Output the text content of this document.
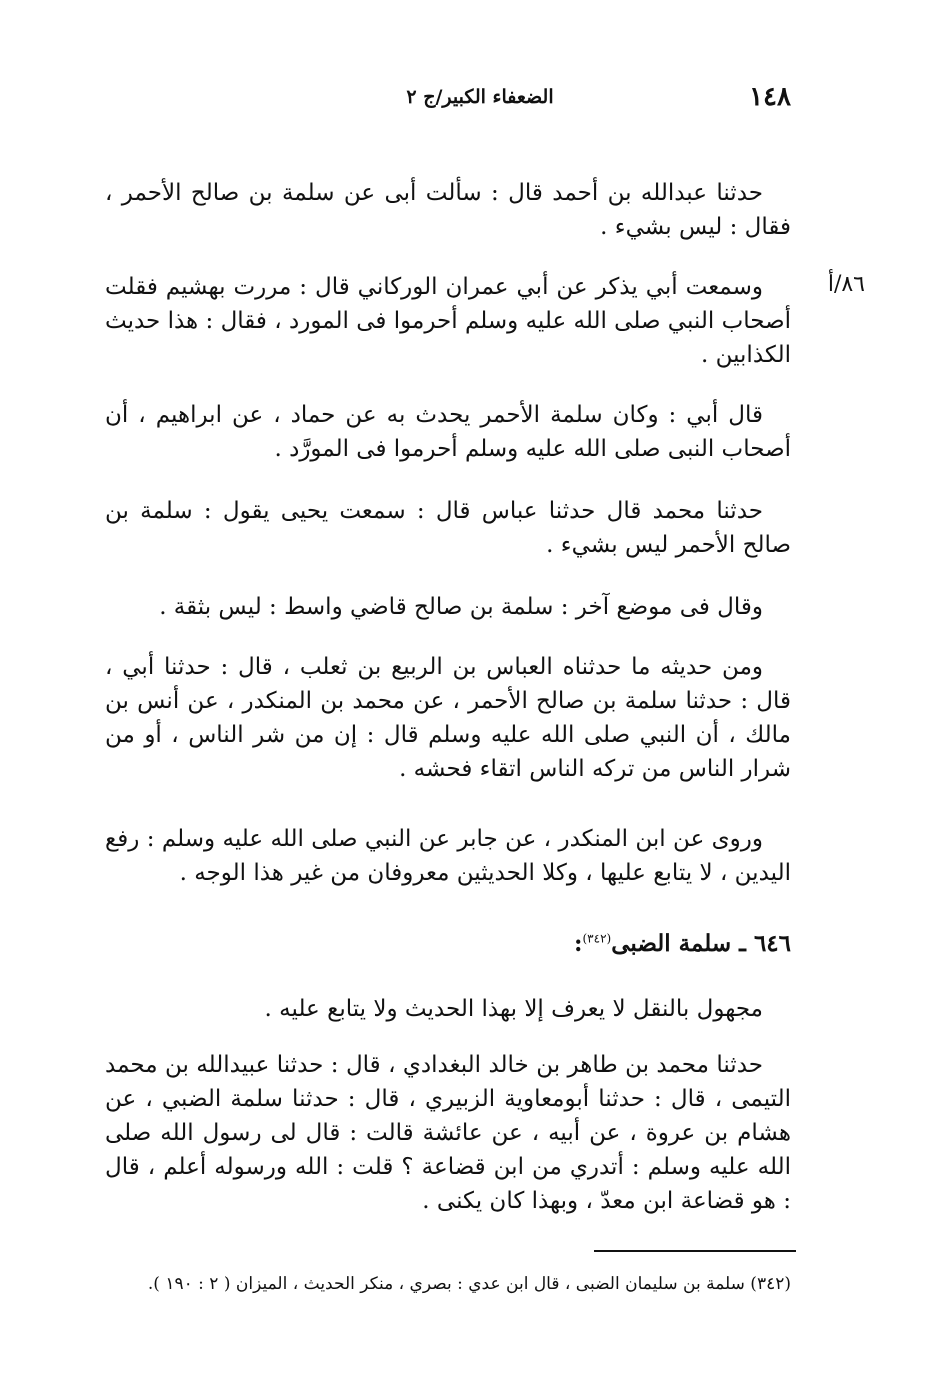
١٤٨
الضعفاء الكبير/ج ٢
٨٦/أ
حدثنا عبدالله بن أحمد قال : سألت أبى عن سلمة بن صالح الأحمر ، فقال : ليس بشيء .
وسمعت أبي يذكر عن أبي عمران الوركاني قال : مررت بهشيم فقلت أصحاب النبي صلى الله عليه وسلم أحرموا فى المورد ، فقال : هذا حديث الكذابين .
قال أبي : وكان سلمة الأحمر يحدث به عن حماد ، عن ابراهيم ، أن أصحاب النبى صلى الله عليه وسلم أحرموا فى المورَّد .
حدثنا محمد قال حدثنا عباس قال : سمعت يحيى يقول : سلمة بن صالح الأحمر ليس بشيء .
وقال فى موضع آخر : سلمة بن صالح قاضي واسط : ليس بثقة .
ومن حديثه ما حدثناه العباس بن الربيع بن ثعلب ، قال : حدثنا أبي ، قال : حدثنا سلمة بن صالح الأحمر ، عن محمد بن المنكدر ، عن أنس بن مالك ، أن النبي صلى الله عليه وسلم قال : إن من شر الناس ، أو من شرار الناس من تركه الناس اتقاء فحشه .
وروى عن ابن المنكدر ، عن جابر عن النبي صلى الله عليه وسلم : رفع اليدين ، لا يتابع عليها ، وكلا الحديثين معروفان من غير هذا الوجه .
٦٤٦ ـ سلمة الضبى$^{(٣٤٢)}$:
مجهول بالنقل لا يعرف إلا بهذا الحديث ولا يتابع عليه .
حدثنا محمد بن طاهر بن خالد البغدادي ، قال : حدثنا عبيدالله بن محمد التيمى ، قال : حدثنا أبومعاوية الزبيري ، قال : حدثنا سلمة الضبي ، عن هشام بن عروة ، عن أبيه ، عن عائشة قالت : قال لى رسول الله صلى الله عليه وسلم : أتدري من ابن قضاعة ؟ قلت : الله ورسوله أعلم ، قال : هو قضاعة ابن معدّ ، وبهذا كان يكنى .
(٣٤٢) سلمة بن سليمان الضبى ، قال ابن عدي : بصري ، منكر الحديث ، الميزان ( ٢ : ١٩٠ ).
